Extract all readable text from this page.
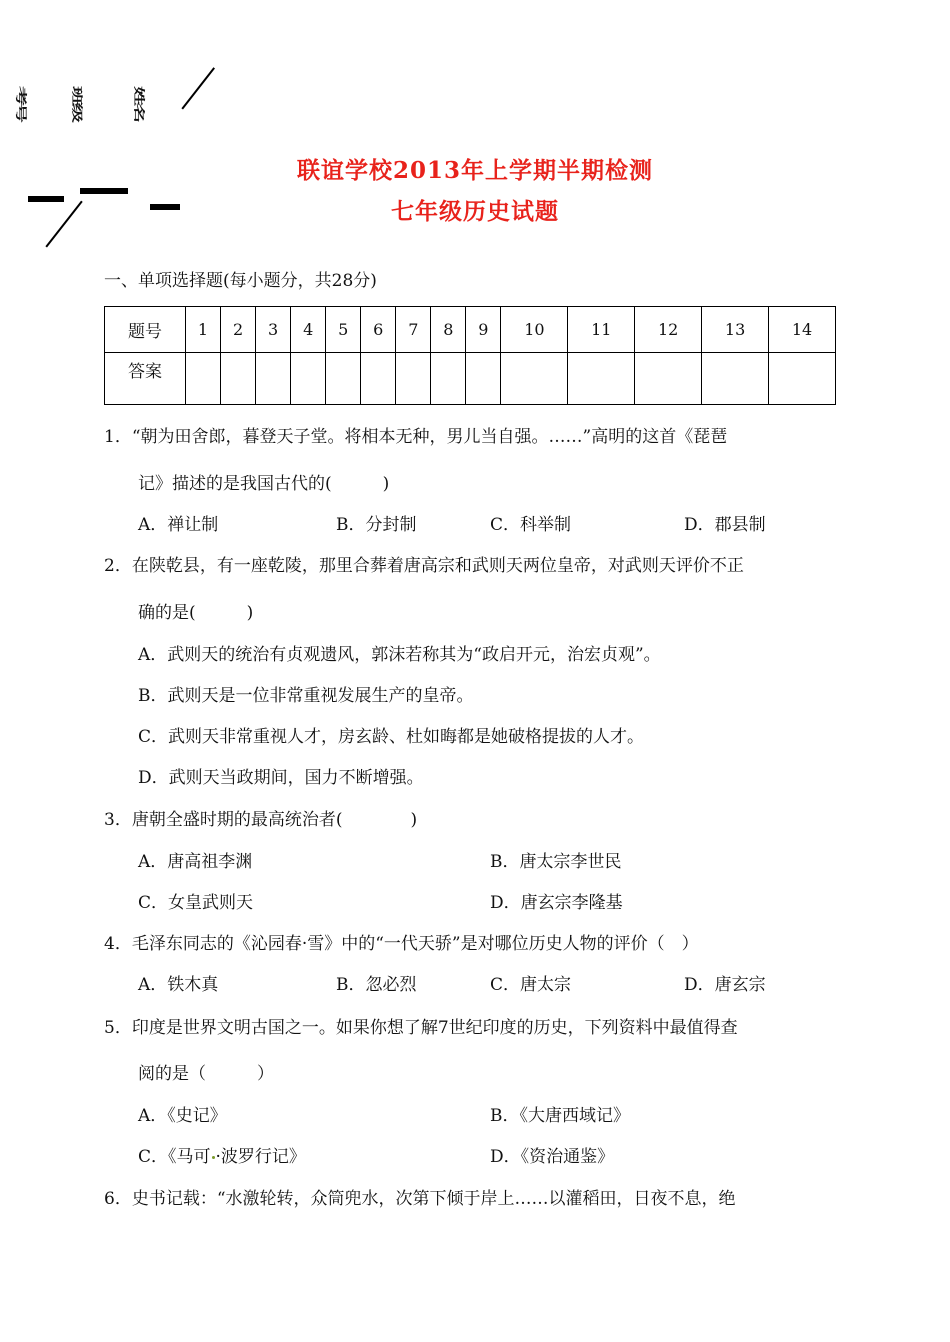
考号 班级 姓名
联谊学校2013年上学期半期检测
七年级历史试题
一、单项选择题(每小题分，共28分)
题号	1	2	3	4	5	6	7	8	9	10	11	12	13	14
答案														
1．“朝为田舍郎，暮登天子堂。将相本无种，男儿当自强。……”高明的这首《琵琶
记》描述的是我国古代的(　　　)
A．禅让制	B．分封制	C．科举制	D．郡县制
2．在陕乾县，有一座乾陵，那里合葬着唐高宗和武则天两位皇帝，对武则天评价不正
确的是(　　　)
A．武则天的统治有贞观遗风，郭沫若称其为“政启开元，治宏贞观”。
B．武则天是一位非常重视发展生产的皇帝。
C．武则天非常重视人才，房玄龄、杜如晦都是她破格提拔的人才。
D．武则天当政期间，国力不断增强。
3．唐朝全盛时期的最高统治者(　　　　)
A．唐高祖李渊	B．唐太宗李世民
C．女皇武则天	D．唐玄宗李隆基
4．毛泽东同志的《沁园春·雪》中的“一代天骄”是对哪位历史人物的评价（　）
A．铁木真	B．忽必烈	C．唐太宗	D．唐玄宗
5．印度是世界文明古国之一。如果你想了解7世纪印度的历史，下列资料中最值得查
阅的是（　　　）
A．《史记》	B．《大唐西域记》
C．《马可 ·波罗行记》	D．《资治通鉴》
6．史书记载：“水激轮转，众筒兜水，次第下倾于岸上……以灌稻田，日夜不息，绝
